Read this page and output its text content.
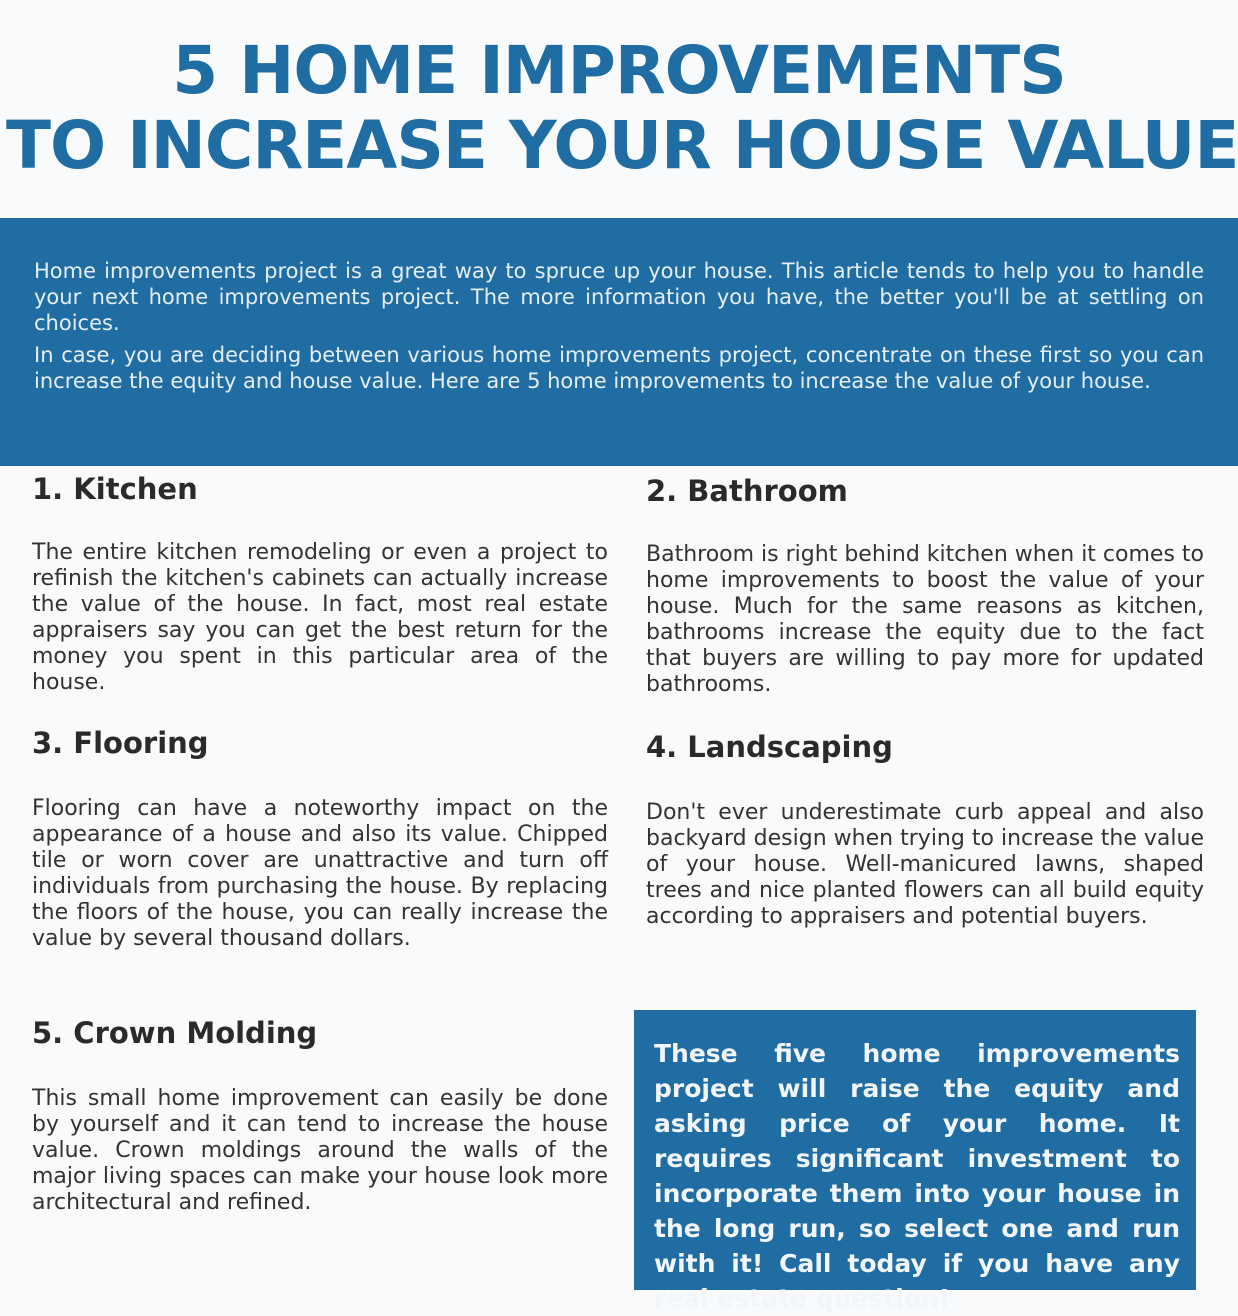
5 HOME IMPROVEMENTS
TO INCREASE YOUR HOUSE VALUE

Home improvements project is a great way to spruce up your house. This article tends to help you to handle your next home improvements project. The more information you have, the better you'll be at settling on choices.

In case, you are deciding between various home improvements project, concentrate on these first so you can increase the equity and house value. Here are 5 home improvements to increase the value of your house.

1. Kitchen

The entire kitchen remodeling or even a project to refinish the kitchen's cabinets can actually increase the value of the house. In fact, most real estate appraisers say you can get the best return for the money you spent in this particular area of the house.

2. Bathroom

Bathroom is right behind kitchen when it comes to home improvements to boost the value of your house. Much for the same reasons as kitchen, bathrooms increase the equity due to the fact that buyers are willing to pay more for updated bathrooms.

3. Flooring

Flooring can have a noteworthy impact on the appearance of a house and also its value. Chipped tile or worn cover are unattractive and turn off individuals from purchasing the house. By replacing the floors of the house, you can really increase the value by several thousand dollars.

4. Landscaping

Don't ever underestimate curb appeal and also backyard design when trying to increase the value of your house. Well-manicured lawns, shaped trees and nice planted flowers can all build equity according to appraisers and potential buyers.

5. Crown Molding

This small home improvement can easily be done by yourself and it can tend to increase the house value. Crown moldings around the walls of the major living spaces can make your house look more architectural and refined.

These five home improvements project will raise the equity and asking price of your home. It requires significant investment to incorporate them into your house in the long run, so select one and run with it! Call today if you have any real estate question!
